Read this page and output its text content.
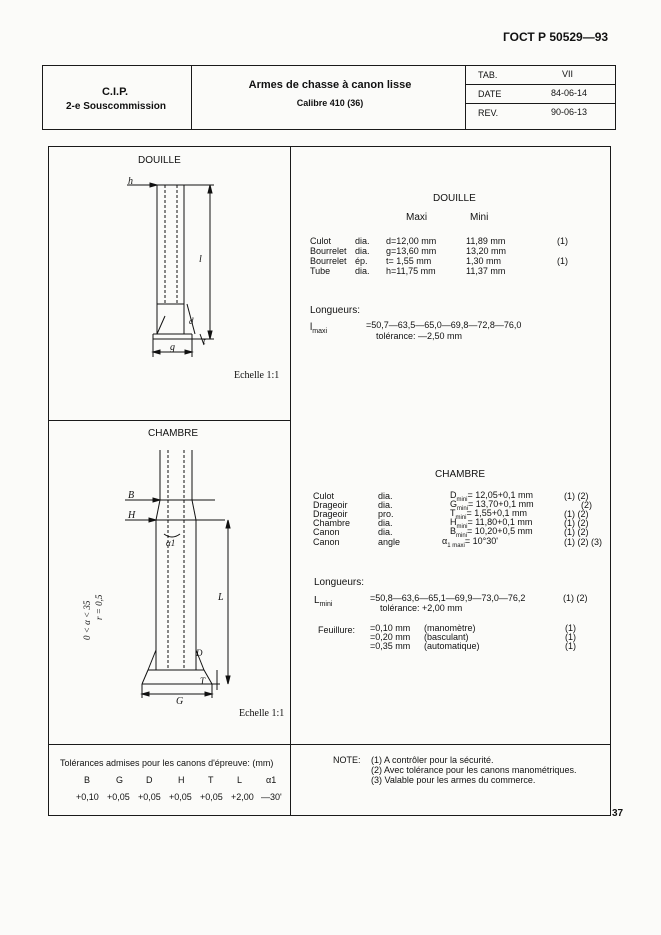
ГОСТ Р 50529—93
37
C.I.P.
2-e Souscommission
Armes de chasse à canon lisse
Calibre 410 (36)
TAB.	VII
DATE	84-06-14
REV.	90-06-13
DOUILLE
h
l
d
t
g
Echelle 1:1
DOUILLE
Maxi	Mini
Culot	dia. d=12,00 mm	11,89 mm	(1)
Bourrelet dia. g=13,60 mm	13,20 mm
Bourrelet ép. t= 1,55 mm	1,30 mm	(1)
Tube	dia. h=11,75 mm	11,37 mm
Longueurs:
$l_{maxi}$
=50,7—63,5—65,0—69,8—72,8—76,0
tolérance: —2,50 mm
CHAMBRE
B
H
L
α1
T
G
D
0 < α < 35 r = 0,5
Echelle 1:1
CHAMBRE
Culot	dia.	$D_{mini}= 12,05+0,1$ mm	(1) (2)
Drageoir	dia.	$G_{mini}= 13,70+0,1$ mm	(2)
Drageoir	pro.	$T_{mini}= 1,55+0,1$ mm	(1) (2)
Chambre	dia.	$H_{mini}= 11,80+0,1$ mm	(1) (2)
Canon	dia.	$B_{mini}= 10,20+0,5$ mm	(1) (2)
Canon	angle	$\alpha_{1 maxi}= 10^\circ 30'$	(1) (2) (3)
Longueurs:
$L_{mini}$
=50,8—63,6—65,1—69,9—73,0—76,2	(1) (2)
tolérance: +2,00 mm
Feuillure: =0,10 mm (manomètre)	(1)
=0,20 mm (basculant)	(1)
=0,35 mm (automatique)	(1)
Tolérances admises pour les canons d'épreuve: (mm)
B	G	D	H	T	L	α1
+0,10 +0,05 +0,05 +0,05 +0,05 +2,00 —30'
NOTE: (1) A contrôler pour la sécurité.
(2) Avec tolérance pour les canons manométriques.
(3) Valable pour les armes du commerce.
